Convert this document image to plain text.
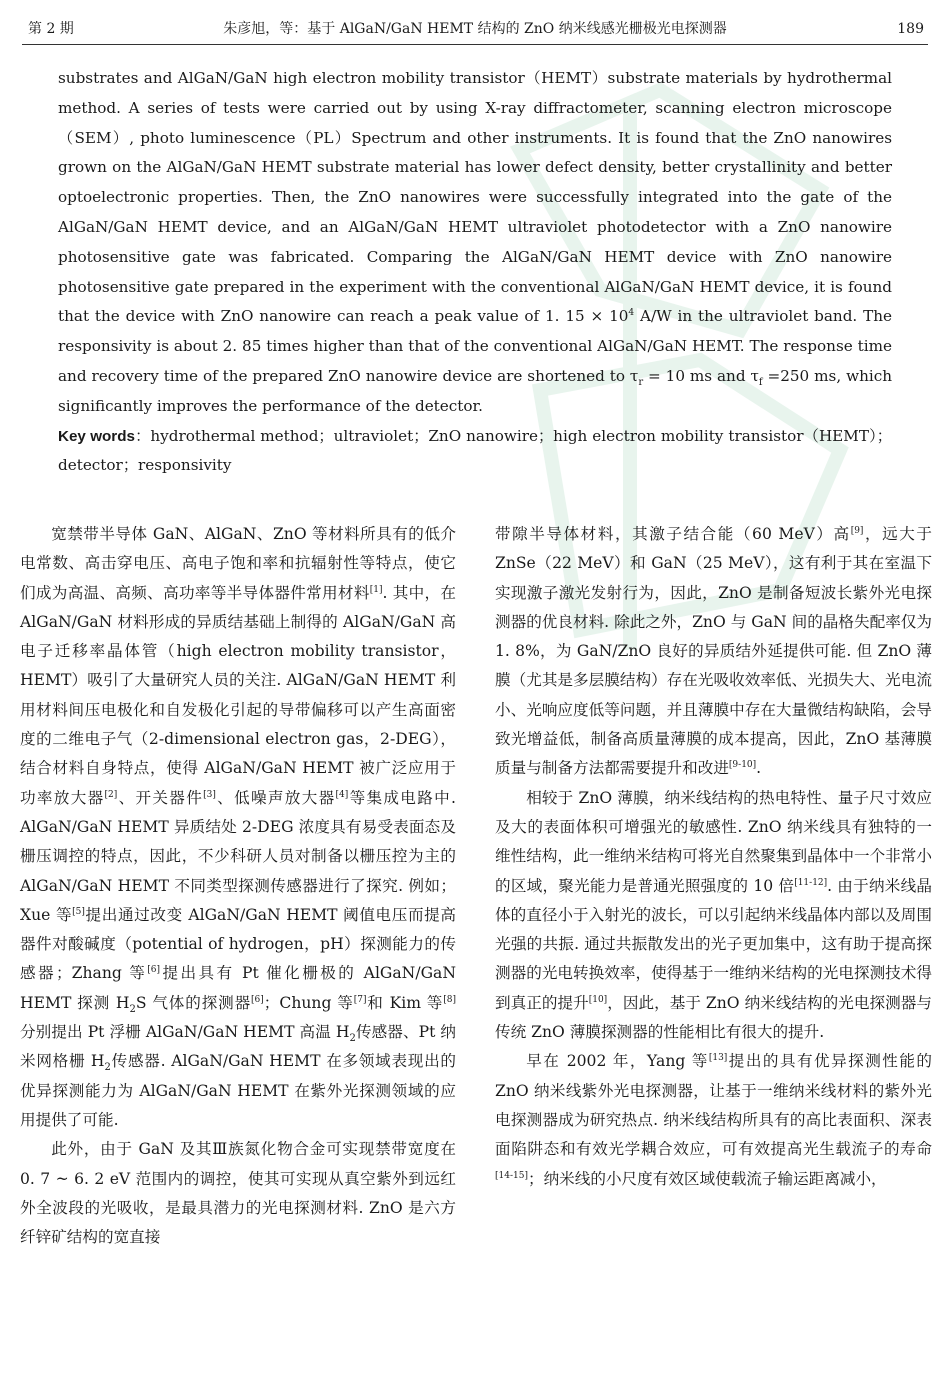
第 2 期	朱彦旭，等：基于 AlGaN/GaN HEMT 结构的 ZnO 纳米线感光栅极光电探测器	189

substrates and AlGaN/GaN high electron mobility transistor（HEMT）substrate materials by hydrothermal method. A series of tests were carried out by using X-ray diffractometer, scanning electron microscope（SEM）, photo luminescence（PL）Spectrum and other instruments. It is found that the ZnO nanowires grown on the AlGaN/GaN HEMT substrate material has lower defect density, better crystallinity and better optoelectronic properties. Then, the ZnO nanowires were successfully integrated into the gate of the AlGaN/GaN HEMT device, and an AlGaN/GaN HEMT ultraviolet photodetector with a ZnO nanowire photosensitive gate was fabricated. Comparing the AlGaN/GaN HEMT device with ZnO nanowire photosensitive gate prepared in the experiment with the conventional AlGaN/GaN HEMT device, it is found that the device with ZnO nanowire can reach a peak value of 1. $15 \times 10^4$ A/W in the ultraviolet band. The responsivity is about 2. 85 times higher than that of the conventional AlGaN/GaN HEMT. The response time and recovery time of the prepared ZnO nanowire device are shortened to $\tau_r = 10$ ms and $\tau_f =250$ ms, which significantly improves the performance of the detector.

Key words：hydrothermal method；ultraviolet；ZnO nanowire；high electron mobility transistor（HEMT）；detector；responsivity

宽禁带半导体 GaN、AlGaN、ZnO 等材料所具有的低介电常数、高击穿电压、高电子饱和率和抗辐射性等特点，使它们成为高温、高频、高功率等半导体器件常用材料[1]. 其中，在 AlGaN/GaN 材料形成的异质结基础上制得的 AlGaN/GaN 高电子迁移率晶体管（high electron mobility transistor，HEMT）吸引了大量研究人员的关注. AlGaN/GaN HEMT 利用材料间压电极化和自发极化引起的导带偏移可以产生高面密度的二维电子气（2-dimensional electron gas，2-DEG），结合材料自身特点，使得 AlGaN/GaN HEMT 被广泛应用于功率放大器[2]、开关器件[3]、低噪声放大器[4]等集成电路中. AlGaN/GaN HEMT 异质结处 2-DEG 浓度具有易受表面态及栅压调控的特点，因此，不少科研人员对制备以栅压控为主的 AlGaN/GaN HEMT 不同类型探测传感器进行了探究. 例如；Xue 等[5]提出通过改变 AlGaN/GaN HEMT 阈值电压而提高器件对酸碱度（potential of hydrogen，pH）探测能力的传感器；Zhang 等[6]提出具有 Pt 催化栅极的 AlGaN/GaN HEMT 探测 $H_2S$ 气体的探测器[6]；Chung 等[7]和 Kim 等[8]分别提出 Pt 浮栅 AlGaN/GaN HEMT 高温 $H_2$传感器、Pt 纳米网格栅 $H_2$传感器. AlGaN/GaN HEMT 在多领域表现出的优异探测能力为 AlGaN/GaN HEMT 在紫外光探测领域的应用提供了可能.

此外，由于 GaN 及其Ⅲ族氮化物合金可实现禁带宽度在 0. 7 ~ 6. 2 eV 范围内的调控，使其可实现从真空紫外到远红外全波段的光吸收，是最具潜力的光电探测材料. ZnO 是六方纤锌矿结构的宽直接

带隙半导体材料，其激子结合能（60 MeV）高[9]，远大于 ZnSe（22 MeV）和 GaN（25 MeV），这有利于其在室温下实现激子激光发射行为，因此，ZnO 是制备短波长紫外光电探测器的优良材料. 除此之外，ZnO 与 GaN 间的晶格失配率仅为 1. 8%，为 GaN/ZnO 良好的异质结外延提供可能. 但 ZnO 薄膜（尤其是多层膜结构）存在光吸收效率低、光损失大、光电流小、光响应度低等问题，并且薄膜中存在大量微结构缺陷，会导致光增益低，制备高质量薄膜的成本提高，因此，ZnO 基薄膜质量与制备方法都需要提升和改进[9-10].

相较于 ZnO 薄膜，纳米线结构的热电特性、量子尺寸效应及大的表面体积可增强光的敏感性. ZnO 纳米线具有独特的一维性结构，此一维纳米结构可将光自然聚集到晶体中一个非常小的区域，聚光能力是普通光照强度的 10 倍[11-12]. 由于纳米线晶体的直径小于入射光的波长，可以引起纳米线晶体内部以及周围光强的共振. 通过共振散发出的光子更加集中，这有助于提高探测器的光电转换效率，使得基于一维纳米结构的光电探测技术得到真正的提升[10]，因此，基于 ZnO 纳米线结构的光电探测器与传统 ZnO 薄膜探测器的性能相比有很大的提升.

早在 2002 年，Yang 等[13]提出的具有优异探测性能的 ZnO 纳米线紫外光电探测器，让基于一维纳米线材料的紫外光电探测器成为研究热点. 纳米线结构所具有的高比表面积、深表面陷阱态和有效光学耦合效应，可有效提高光生载流子的寿命[14-15]；纳米线的小尺度有效区域使载流子输运距离减小，
